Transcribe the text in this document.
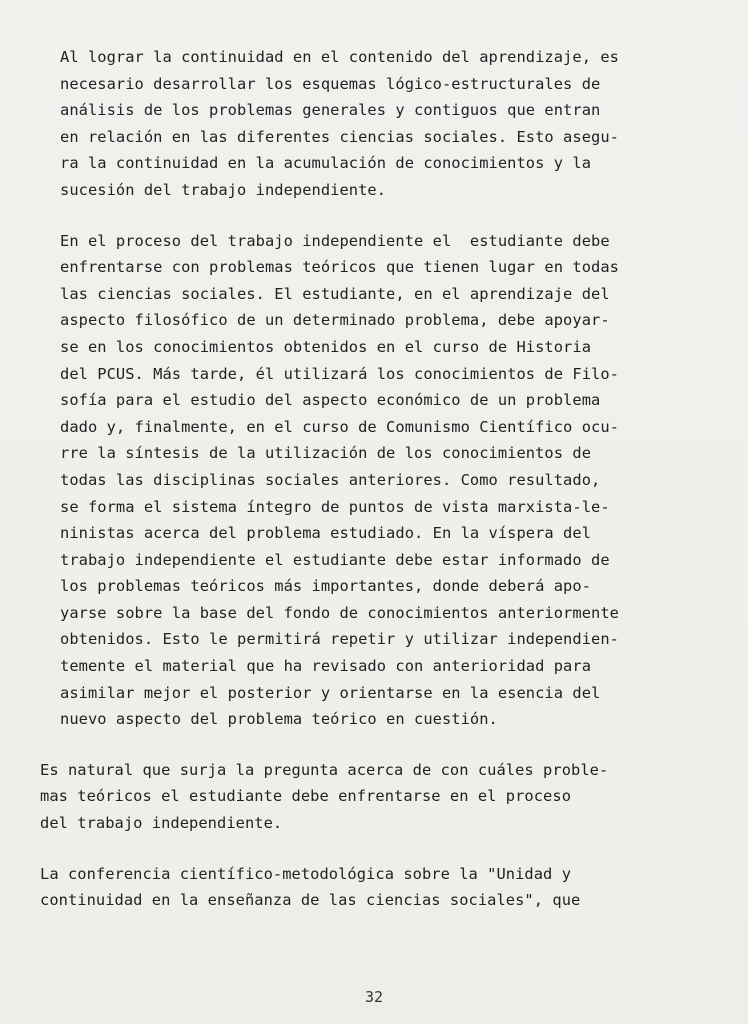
Al lograr la continuidad en el contenido del aprendizaje, es
necesario desarrollar los esquemas lógico-estructurales de
análisis de los problemas generales y contiguos que entran
en relación en las diferentes ciencias sociales. Esto asegu-
ra la continuidad en la acumulación de conocimientos y la
sucesión del trabajo independiente.
En el proceso del trabajo independiente el  estudiante debe
enfrentarse con problemas teóricos que tienen lugar en todas
las ciencias sociales. El estudiante, en el aprendizaje del
aspecto filosófico de un determinado problema, debe apoyar-
se en los conocimientos obtenidos en el curso de Historia
del PCUS. Más tarde, él utilizará los conocimientos de Filo-
sofía para el estudio del aspecto económico de un problema
dado y, finalmente, en el curso de Comunismo Científico ocu-
rre la síntesis de la utilización de los conocimientos de
todas las disciplinas sociales anteriores. Como resultado,
se forma el sistema íntegro de puntos de vista marxista-le-
ninistas acerca del problema estudiado. En la víspera del
trabajo independiente el estudiante debe estar informado de
los problemas teóricos más importantes, donde deberá apo-
yarse sobre la base del fondo de conocimientos anteriormente
obtenidos. Esto le permitirá repetir y utilizar independien-
temente el material que ha revisado con anterioridad para
asimilar mejor el posterior y orientarse en la esencia del
nuevo aspecto del problema teórico en cuestión.
Es natural que surja la pregunta acerca de con cuáles proble-
mas teóricos el estudiante debe enfrentarse en el proceso
del trabajo independiente.
La conferencia científico-metodológica sobre la "Unidad y
continuidad en la enseñanza de las ciencias sociales", que
32
